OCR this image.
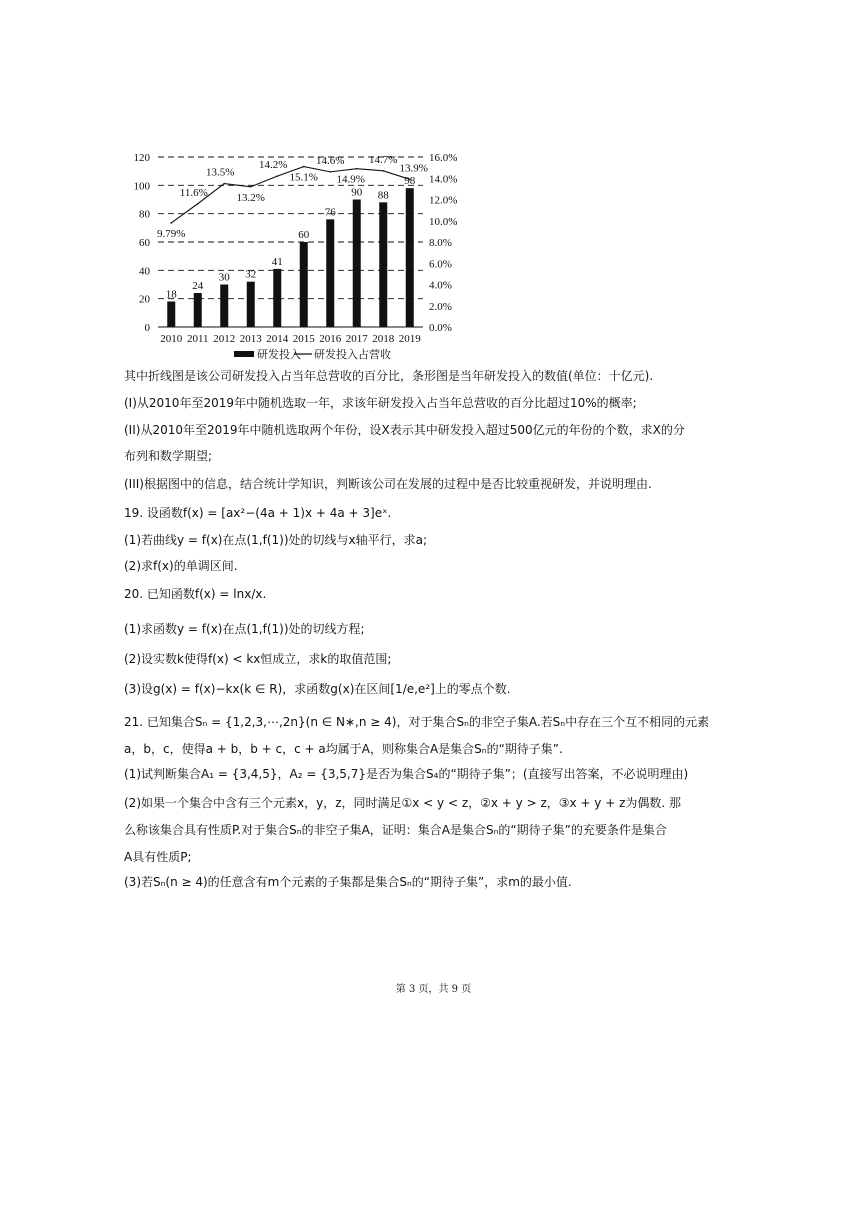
18
24
30 32
41
60
76
90 88
98
9.79%
11.6%
13.5%
13.2%
14.2%
15.1%
14.6%
14.9%
14.7%
13.9%
0
20
40
60
80
100
120
0.0%
2.0%
4.0%
6.0%
8.0%
10.0%
12.0%
14.0%
16.0%
2010 2011 2012 2013 2014 2015 2016 2017 2018 2019
研发投入 研发投入占营收
其中折线图是该公司研发投入占当年总营收的百分比，条形图是当年研发投入的数值(单位：十亿元).
(I)从2010年至2019年中随机选取一年，求该年研发投入占当年总营收的百分比超过10%的概率;
(II)从2010年至2019年中随机选取两个年份，设X表示其中研发投入超过500亿元的年份的个数，求X的分
布列和数学期望;
(III)根据图中的信息，结合统计学知识，判断该公司在发展的过程中是否比较重视研发，并说明理由.
19. 设函数f(x) = [ax²−(4a + 1)x + 4a + 3]eˣ.
(1)若曲线y = f(x)在点(1,f(1))处的切线与x轴平行，求a;
(2)求f(x)的单调区间.
20. 已知函数f(x) = lnx/x.
(1)求函数y = f(x)在点(1,f(1))处的切线方程;
(2)设实数k使得f(x) < kx恒成立，求k的取值范围;
(3)设g(x) = f(x)−kx(k ∈ R)，求函数g(x)在区间[1/e,e²]上的零点个数.
21. 已知集合Sₙ = {1,2,3,⋯,2n}(n ∈ N∗,n ≥ 4)，对于集合Sₙ的非空子集A.若Sₙ中存在三个互不相同的元素
a，b，c，使得a + b，b + c，c + a均属于A，则称集合A是集合Sₙ的“期待子集”.
(1)试判断集合A₁ = {3,4,5}，A₂ = {3,5,7}是否为集合S₄的“期待子集”；(直接写出答案，不必说明理由)
(2)如果一个集合中含有三个元素x，y，z，同时满足①x < y < z，②x + y > z，③x + y + z为偶数. 那
么称该集合具有性质P.对于集合Sₙ的非空子集A，证明：集合A是集合Sₙ的“期待子集”的充要条件是集合
A具有性质P;
(3)若Sₙ(n ≥ 4)的任意含有m个元素的子集都是集合Sₙ的“期待子集”，求m的最小值.
第 3 页，共 9 页
